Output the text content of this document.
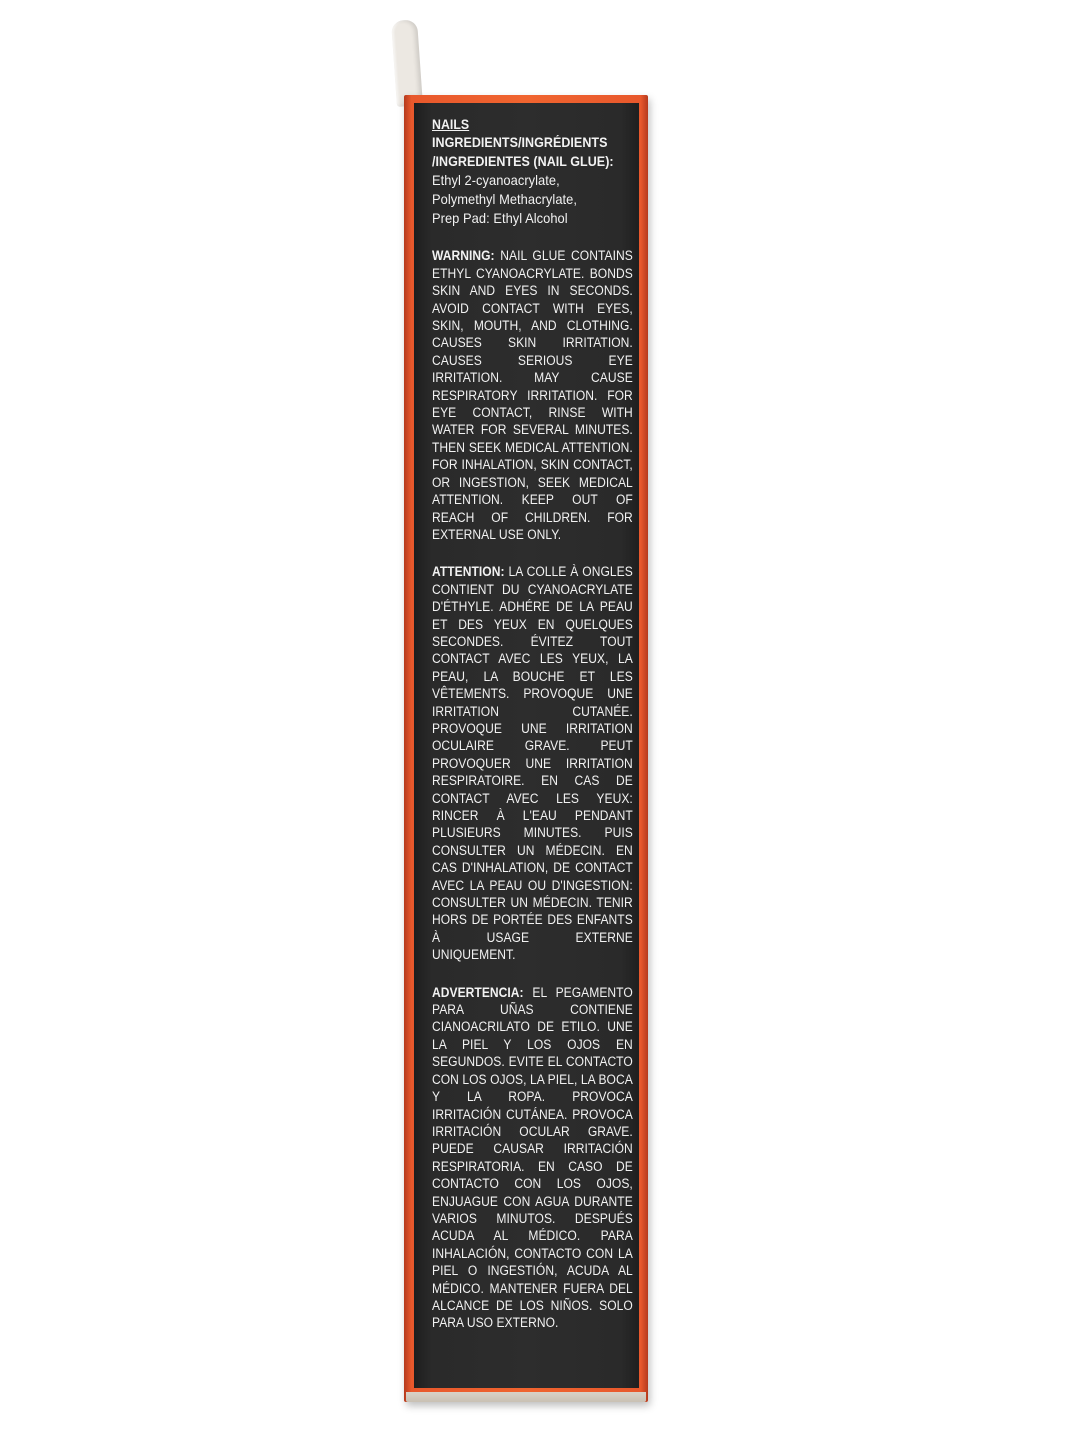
NAILS

INGREDIENTS/INGRÉDIENTS

/INGREDIENTES (NAIL GLUE):

Ethyl 2-cyanoacrylate,

Polymethyl Methacrylate,

Prep Pad: Ethyl Alcohol

WARNING: NAIL GLUE CONTAINS ETHYL CYANOACRYLATE. BONDS SKIN AND EYES IN SECONDS. AVOID CONTACT WITH EYES, SKIN, MOUTH, AND CLOTHING. CAUSES SKIN IRRITATION. CAUSES SERIOUS EYE IRRITATION. MAY CAUSE RESPIRATORY IRRITATION. FOR EYE CONTACT, RINSE WITH WATER FOR SEVERAL MINUTES. THEN SEEK MEDICAL ATTENTION. FOR INHALATION, SKIN CONTACT, OR INGESTION, SEEK MEDICAL ATTENTION. KEEP OUT OF REACH OF CHILDREN. FOR EXTERNAL USE ONLY.

ATTENTION: LA COLLE À ONGLES CONTIENT DU CYANOACRYLATE D'ÉTHYLE. ADHÉRE DE LA PEAU ET DES YEUX EN QUELQUES SECONDES. ÉVITEZ TOUT CONTACT AVEC LES YEUX, LA PEAU, LA BOUCHE ET LES VÊTEMENTS. PROVOQUE UNE IRRITATION CUTANÉE. PROVOQUE UNE IRRITATION OCULAIRE GRAVE. PEUT PROVOQUER UNE IRRITATION RESPIRATOIRE. EN CAS DE CONTACT AVEC LES YEUX: RINCER À L'EAU PENDANT PLUSIEURS MINUTES. PUIS CONSULTER UN MÉDECIN. EN CAS D'INHALATION, DE CONTACT AVEC LA PEAU OU D'INGESTION: CONSULTER UN MÉDECIN. TENIR HORS DE PORTÉE DES ENFANTS À USAGE EXTERNE UNIQUEMENT.

ADVERTENCIA: EL PEGAMENTO PARA UÑAS CONTIENE CIANOACRILATO DE ETILO. UNE LA PIEL Y LOS OJOS EN SEGUNDOS. EVITE EL CONTACTO CON LOS OJOS, LA PIEL, LA BOCA Y LA ROPA. PROVOCA IRRITACIÓN CUTÁNEA. PROVOCA IRRITACIÓN OCULAR GRAVE. PUEDE CAUSAR IRRITACIÓN RESPIRATORIA. EN CASO DE CONTACTO CON LOS OJOS, ENJUAGUE CON AGUA DURANTE VARIOS MINUTOS. DESPUÉS ACUDA AL MÉDICO. PARA INHALACIÓN, CONTACTO CON LA PIEL O INGESTIÓN, ACUDA AL MÉDICO. MANTENER FUERA DEL ALCANCE DE LOS NIÑOS. SOLO PARA USO EXTERNO.
